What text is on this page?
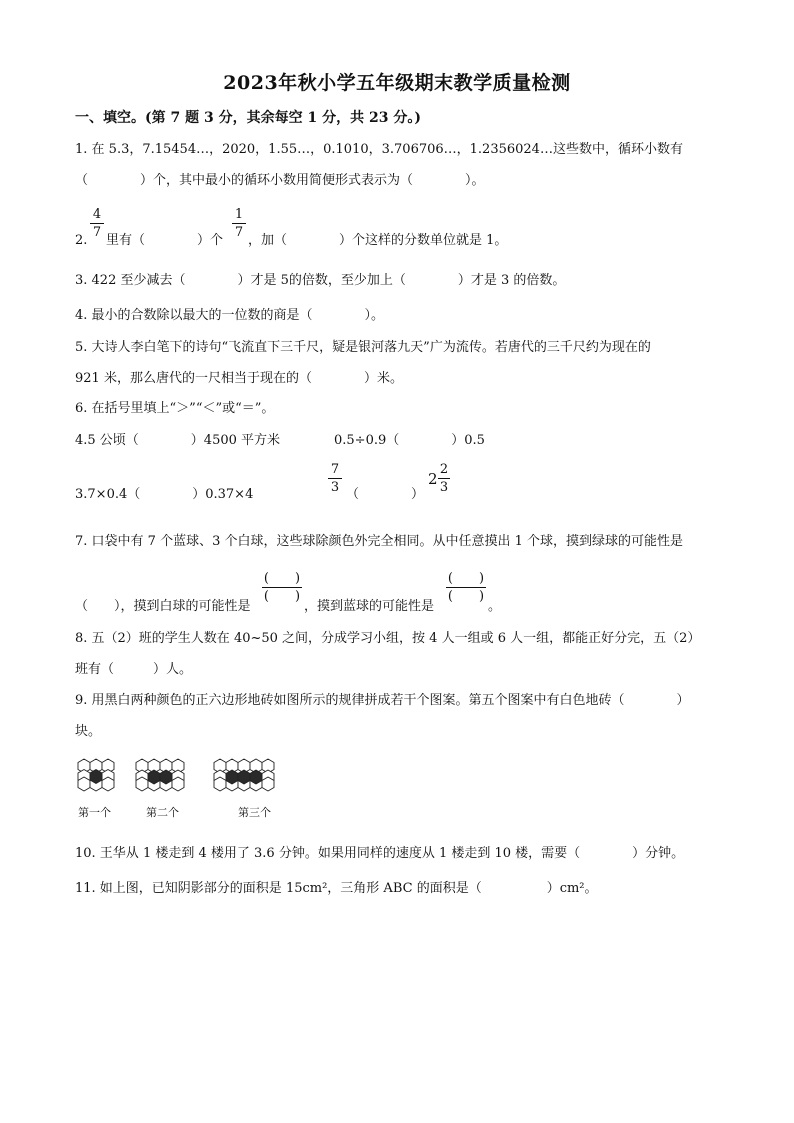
2023年秋小学五年级期末教学质量检测
一、填空。(第 7 题 3 分，其余每空 1 分，共 23 分。)
1. 在 5.3，7.15454…，2020，1.55…，0.1010，3.706706…，1.2356024…这些数中，循环小数有
（　　　　）个，其中最小的循环小数用简便形式表示为（　　　　）。
2.
4
7
里有（　　　　）个
1
7
，加（　　　　）个这样的分数单位就是 1。
3. 422 至少减去（　　　　）才是 5的倍数，至少加上（　　　　）才是 3 的倍数。
4. 最小的合数除以最大的一位数的商是（　　　　）。
5. 大诗人李白笔下的诗句“飞流直下三千尺，疑是银河落九天”广为流传。若唐代的三千尺约为现在的
921 米，那么唐代的一尺相当于现在的（　　　　）米。
6. 在括号里填上“＞”“＜”或“＝”。
4.5 公顷（　　　　）4500 平方米	0.5÷0.9（　　　　）0.5
3.7×0.4（　　　　）0.37×4
7
3 （　　　　）
2
2
3
7. 口袋中有 7 个蓝球、3 个白球，这些球除颜色外完全相同。从中任意摸出 1 个球，摸到绿球的可能性是
（　　），摸到白球的可能性是
(　　)
(　　)
，摸到蓝球的可能性是
(　　)
(　　)
。
8. 五（2）班的学生人数在 40~50 之间，分成学习小组，按 4 人一组或 6 人一组，都能正好分完，五（2）
班有（　　　）人。
9. 用黑白两种颜色的正六边形地砖如图所示的规律拼成若干个图案。第五个图案中有白色地砖（　　　　）
块。
第一个	第二个	第三个
10. 王华从 1 楼走到 4 楼用了 3.6 分钟。如果用同样的速度从 1 楼走到 10 楼，需要（　　　　）分钟。
11. 如上图，已知阴影部分的面积是 15cm²，三角形 ABC 的面积是（　　　　　）cm²。
